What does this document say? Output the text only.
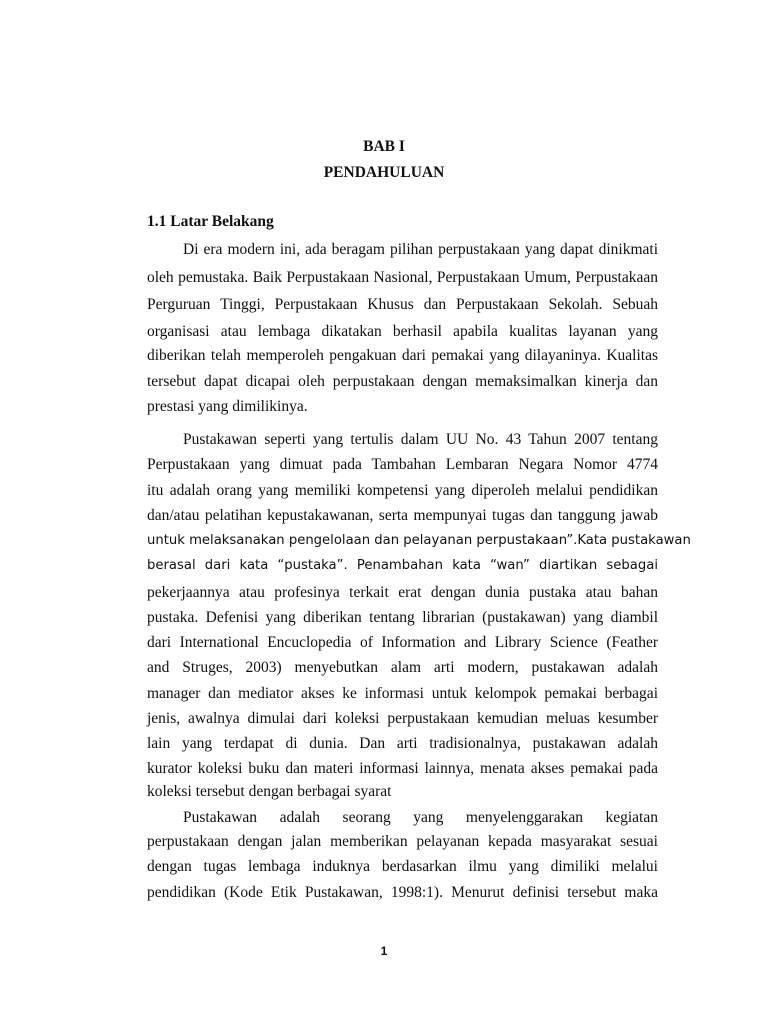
BAB I
PENDAHULUAN
1.1 Latar Belakang
Di era modern ini, ada beragam pilihan perpustakaan yang dapat dinikmati
oleh pemustaka. Baik Perpustakaan Nasional, Perpustakaan Umum, Perpustakaan
Perguruan Tinggi, Perpustakaan Khusus dan Perpustakaan Sekolah. Sebuah
organisasi atau lembaga dikatakan berhasil apabila kualitas layanan yang
diberikan telah memperoleh pengakuan dari pemakai yang dilayaninya. Kualitas
tersebut dapat dicapai oleh perpustakaan dengan memaksimalkan kinerja dan
prestasi yang dimilikinya.
Pustakawan seperti yang tertulis dalam UU No. 43 Tahun 2007 tentang
Perpustakaan yang dimuat pada Tambahan Lembaran Negara Nomor 4774
itu adalah orang yang memiliki kompetensi yang diperoleh melalui pendidikan
dan/atau pelatihan kepustakawanan, serta mempunyai tugas dan tanggung jawab
untuk melaksanakan pengelolaan dan pelayanan perpustakaan”.Kata pustakawan
berasal dari kata “pustaka”. Penambahan kata “wan” diartikan sebagai
pekerjaannya atau profesinya terkait erat dengan dunia pustaka atau bahan
pustaka. Defenisi yang diberikan tentang librarian (pustakawan) yang diambil
dari International Encuclopedia of Information and Library Science (Feather
and Struges, 2003) menyebutkan alam arti modern, pustakawan adalah
manager dan mediator akses ke informasi untuk kelompok pemakai berbagai
jenis, awalnya dimulai dari koleksi perpustakaan kemudian meluas kesumber
lain yang terdapat di dunia. Dan arti tradisionalnya, pustakawan adalah
kurator koleksi buku dan materi informasi lainnya, menata akses pemakai pada
koleksi tersebut dengan berbagai syarat
Pustakawan adalah seorang yang menyelenggarakan kegiatan
perpustakaan dengan jalan memberikan pelayanan kepada masyarakat sesuai
dengan tugas lembaga induknya berdasarkan ilmu yang dimiliki melalui
pendidikan (Kode Etik Pustakawan, 1998:1). Menurut definisi tersebut maka
1
